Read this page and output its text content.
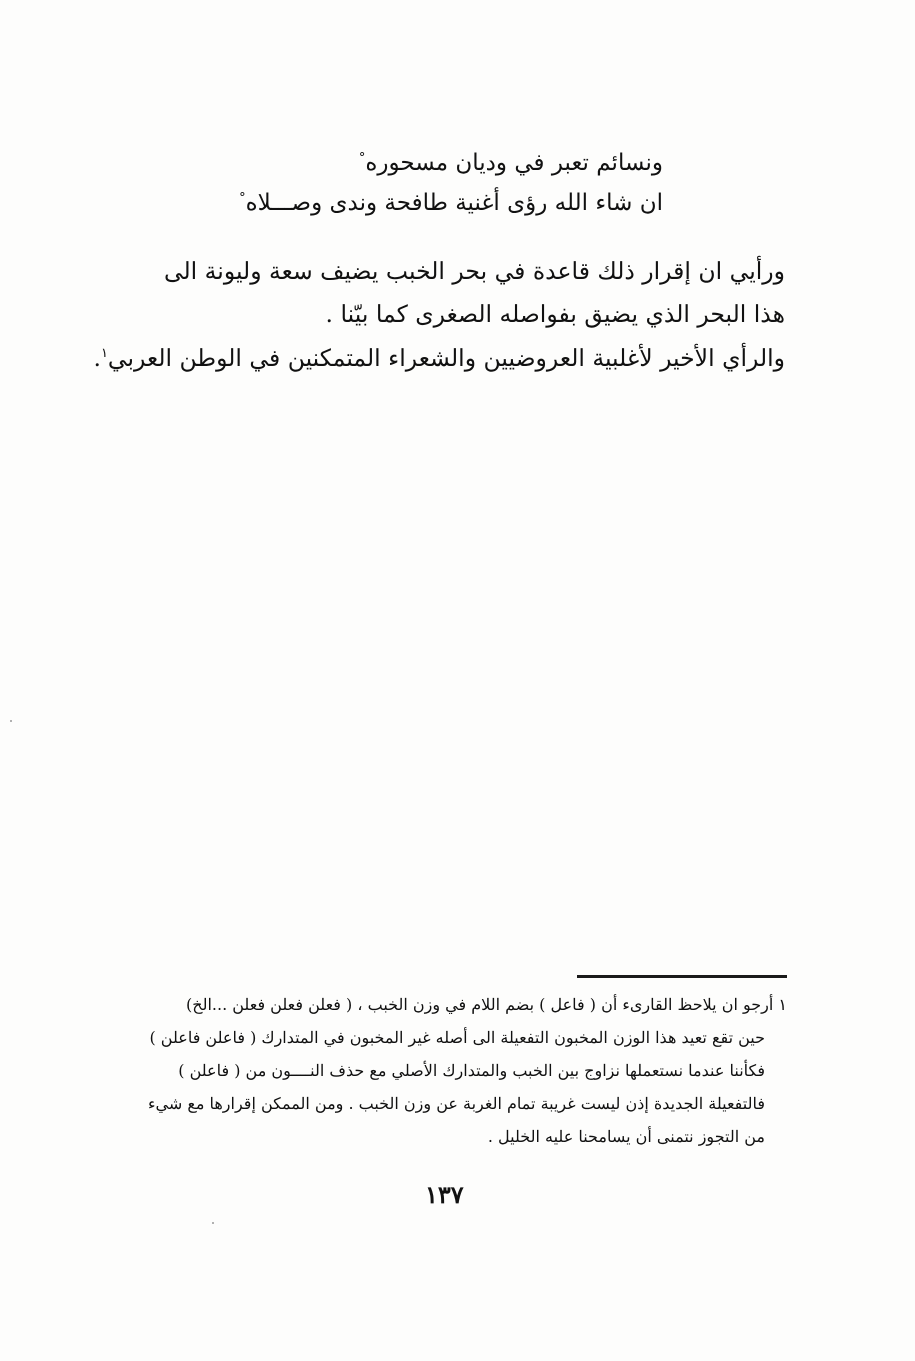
ونسائم تعبر في وديان مسحوره°
ان شاء الله رؤى أغنية طافحة وندى وصـــلاه°
ورأيي ان إقرار ذلك قاعدة في بحر الخبب يضيف سعة وليونة الى
هذا البحر الذي يضيق بفواصله الصغرى كما بيّنا .
والرأي الأخير لأغلبية العروضيين والشعراء المتمكنين في الوطن العربي$^١$.
١ أرجو ان يلاحظ القارىء أن ( فاعل ) بضم اللام في وزن الخبب ، ( فعلن فعلن فعلن ...الخ)
حين تقع تعيد هذا الوزن المخبون التفعيلة الى أصله غير المخبون في المتدارك ( فاعلن فاعلن )
فكأننا عندما نستعملها نزاوج بين الخبب والمتدارك الأصلي مع حذف النــــون من ( فاعلن )
فالتفعيلة الجديدة إذن ليست غريبة تمام الغربة عن وزن الخبب . ومن الممكن إقرارها مع شيء
من التجوز نتمنى أن يسامحنا عليه الخليل .
١٣٧
